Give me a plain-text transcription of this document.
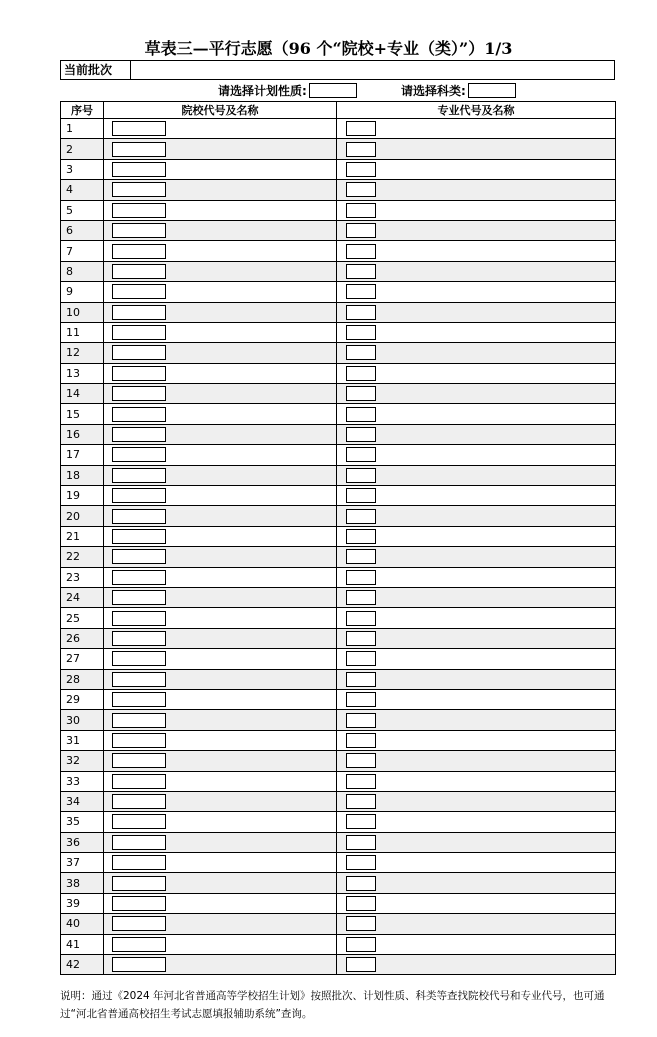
草表三—平行志愿（96 个“院校+专业（类）”）1/3
当前批次
请选择计划性质:	请选择科类:
序号	院校代号及名称	专业代号及名称
1	

2	

3	

4	

5	

6	

7	

8	

9	

10	

11	

12	

13	

14	

15	

16	

17	

18	

19	

20	

21	

22	

23	

24	

25	

26	

27	

28	

29	

30	

31	

32	

33	

34	

35	

36	

37	

38	

39	

40	

41	

42	

说明：通过《2024 年河北省普通高等学校招生计划》按照批次、计划性质、科类等查找院校代号和专业代号，也可通过“河北省普通高校招生考试志愿填报辅助系统”查询。
